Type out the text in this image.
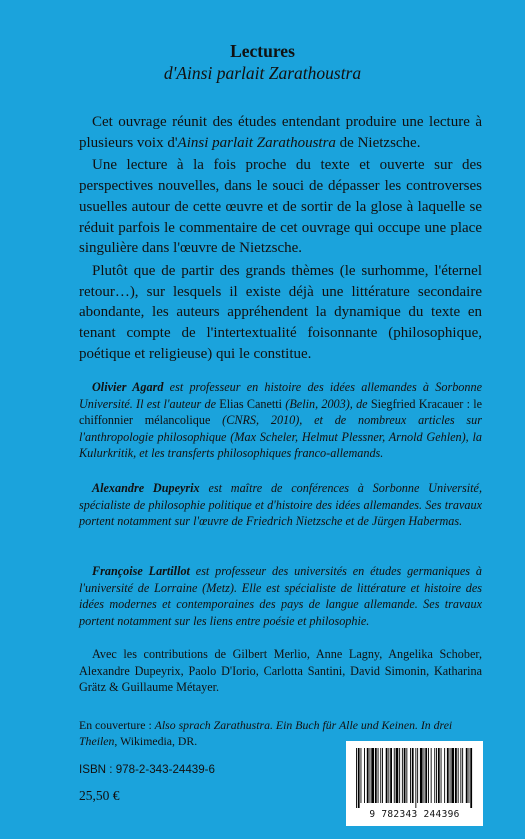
Lectures
d'Ainsi parlait Zarathoustra

Cet ouvrage réunit des études entendant produire une lecture à plusieurs voix d'Ainsi parlait Zarathoustra de Nietzsche.

Une lecture à la fois proche du texte et ouverte sur des perspectives nouvelles, dans le souci de dépasser les controverses usuelles autour de cette œuvre et de sortir de la glose à laquelle se réduit parfois le commentaire de cet ouvrage qui occupe une place singulière dans l'œuvre de Nietzsche.

Plutôt que de partir des grands thèmes (le surhomme, l'éternel retour…), sur lesquels il existe déjà une littérature secondaire abondante, les auteurs appréhendent la dynamique du texte en tenant compte de l'intertextualité foisonnante (philosophique, poétique et religieuse) qui le constitue.

Olivier Agard est professeur en histoire des idées allemandes à Sorbonne Université. Il est l'auteur de Elias Canetti (Belin, 2003), de Siegfried Kracauer : le chiffonnier mélancolique (CNRS, 2010), et de nombreux articles sur l'anthropologie philosophique (Max Scheler, Helmut Plessner, Arnold Gehlen), la Kulurkritik, et les transferts philosophiques franco-allemands.

Alexandre Dupeyrix est maître de conférences à Sorbonne Université, spécialiste de philosophie politique et d'histoire des idées allemandes. Ses travaux portent notamment sur l'œuvre de Friedrich Nietzsche et de Jürgen Habermas.

Françoise Lartillot est professeur des universités en études germaniques à l'université de Lorraine (Metz). Elle est spécialiste de littérature et histoire des idées modernes et contemporaines des pays de langue allemande. Ses travaux portent notamment sur les liens entre poésie et philosophie.

Avec les contributions de Gilbert Merlio, Anne Lagny, Angelika Schober, Alexandre Dupeyrix, Paolo D'Iorio, Carlotta Santini, David Simonin, Katharina Grätz & Guillaume Métayer.

En couverture : Also sprach Zarathustra. Ein Buch für Alle und Keinen. In drei Theilen, Wikimedia, DR.
ISBN : 978-2-343-24439-6
25,50 €
9 782343 244396
